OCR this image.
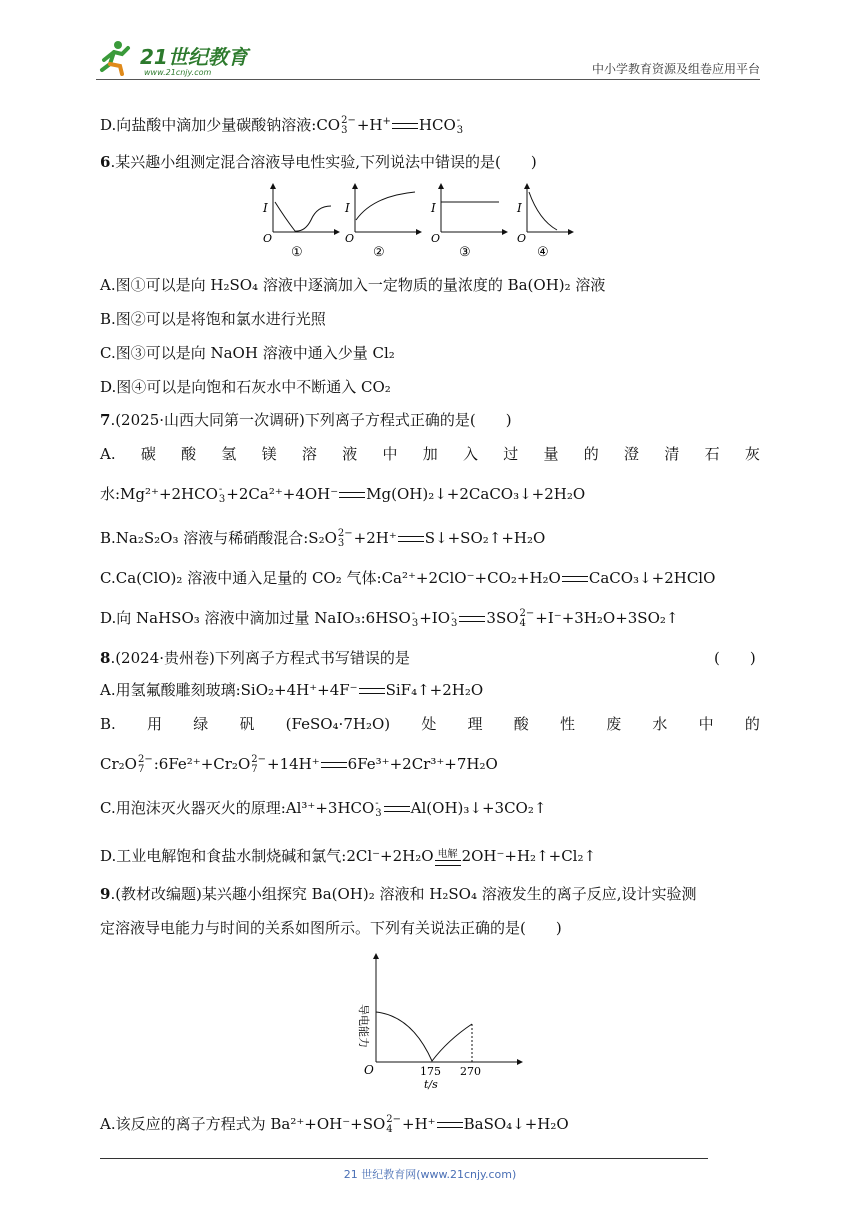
21世纪教育
www.21cnjy.com	中小学教育资源及组卷应用平台
D.向盐酸中滴加少量碳酸钠溶液:CO 2−
3 +H+ HCO -
3
6.某兴趣小组测定混合溶液导电性实验,下列说法中错误的是(　　)
I
O
①
I
O
②
I
O
③
I
O
④
A.图①可以是向 H₂SO₄ 溶液中逐滴加入一定物质的量浓度的 Ba(OH)₂ 溶液
B.图②可以是将饱和氯水进行光照
C.图③可以是向 NaOH 溶液中通入少量 Cl₂
D.图④可以是向饱和石灰水中不断通入 CO₂
7.(2025·山西大同第一次调研)下列离子方程式正确的是(　　)
A. 碳 酸 氢 镁 溶 液 中 加 入 过 量 的 澄 清 石 灰
水:Mg²⁺+2HCO -
3 +2Ca²⁺+4OH⁻ Mg(OH)₂↓+2CaCO₃↓+2H₂O
B.Na₂S₂O₃ 溶液与稀硝酸混合:S₂O 2−
3 +2H⁺ S↓+SO₂↑+H₂O
C.Ca(ClO)₂ 溶液中通入足量的 CO₂ 气体:Ca²⁺+2ClO⁻+CO₂+H₂O CaCO₃↓+2HClO
D.向 NaHSO₃ 溶液中滴加过量 NaIO₃:6HSO -
3 +IO -
3 3SO 2−
4 +I⁻+3H₂O+3SO₂↑
8.(2024·贵州卷)下列离子方程式书写错误的是	(　　)
A.用氢氟酸雕刻玻璃:SiO₂+4H⁺+4F⁻ SiF₄↑+2H₂O
B. 用 绿 矾 (FeSO₄·7H₂O) 处 理 酸 性 废 水 中 的
Cr₂O 2−
7 :6Fe²⁺+Cr₂O 2−
7 +14H⁺ 6Fe³⁺+2Cr³⁺+7H₂O
C.用泡沫灭火器灭火的原理:Al³⁺+3HCO -
3 Al(OH)₃↓+3CO₂↑
D.工业电解饱和食盐水制烧碱和氯气:2Cl⁻+2H₂O 电解 2OH⁻+H₂↑+Cl₂↑
9.(教材改编题)某兴趣小组探究 Ba(OH)₂ 溶液和 H₂SO₄ 溶液发生的离子反应,设计实验测
定溶液导电能力与时间的关系如图所示。下列有关说法正确的是(　　)
导电能力
O	175 270
t/s
A.该反应的离子方程式为 Ba²⁺+OH⁻+SO 2−
4 +H⁺ BaSO₄↓+H₂O
21 世纪教育网(www.21cnjy.com)
